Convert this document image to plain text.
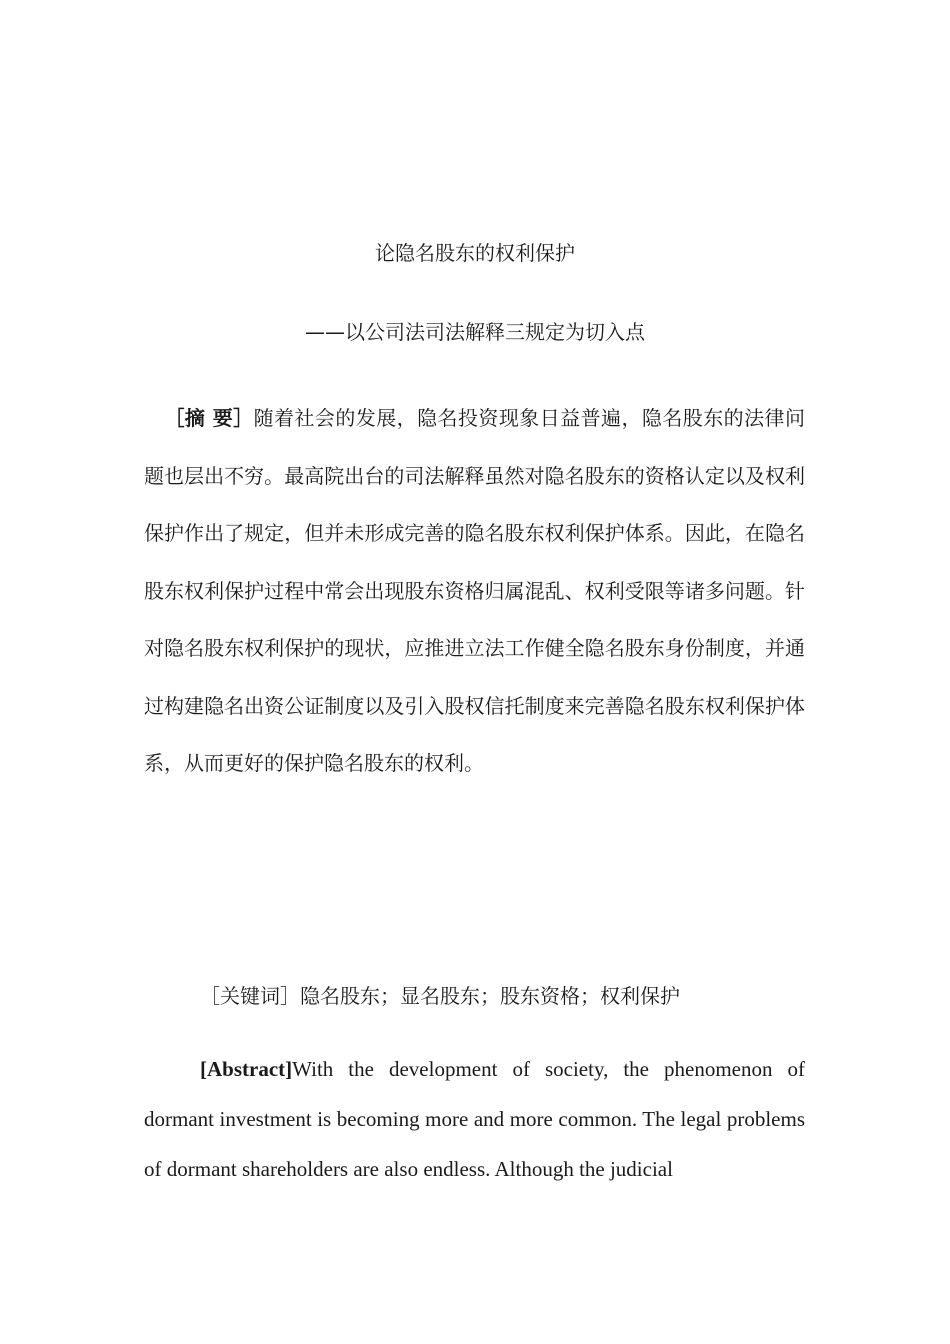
论隐名股东的权利保护
——以公司法司法解释三规定为切入点

［摘 要］随着社会的发展，隐名投资现象日益普遍，隐名股东的法律问题也层出不穷。最高院出台的司法解释虽然对隐名股东的资格认定以及权利保护作出了规定，但并未形成完善的隐名股东权利保护体系。因此，在隐名股东权利保护过程中常会出现股东资格归属混乱、权利受限等诸多问题。针对隐名股东权利保护的现状，应推进立法工作健全隐名股东身份制度，并通过构建隐名出资公证制度以及引入股权信托制度来完善隐名股东权利保护体系，从而更好的保护隐名股东的权利。

［关键词］隐名股东；显名股东；股东资格；权利保护

[Abstract]With the development of society, the phenomenon of dormant investment is becoming more and more common. The legal problems of dormant shareholders are also endless. Although the judicial
